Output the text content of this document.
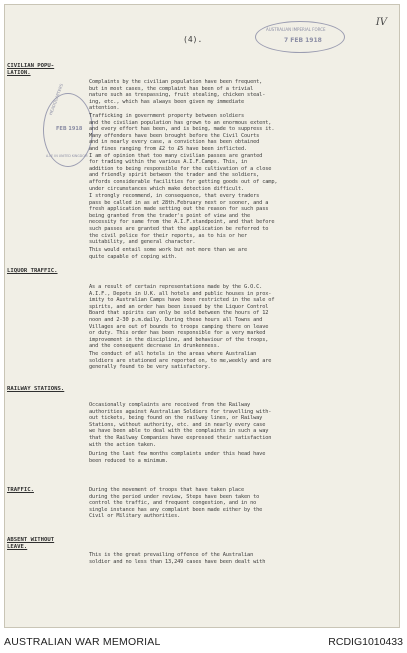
(4).
IV
AUSTRALIAN IMPERIAL FORCE
7 FEB 1918
HEADQUARTERS
FEB 1918
A.I.F. IN UNITED KINGDOM
CIVILIAN POPU-
LATION.
Complaints by the civilian population have been frequent,
but in most cases, the complaint has been of a trivial
nature such as trespassing, fruit stealing, chicken steal-
ing, etc., which has always been given my immediate
attention.
Trafficking in government property between soldiers
and the civilian population has grown to an enormous extent,
and every effort has been, and is being, made to suppress it.
Many offenders have been brought before the Civil Courts
and in nearly every case, a conviction has been obtained
and fines ranging from £2 to £5 have been inflicted.
I am of opinion that too many civilian passes are granted
for trading within the various A.I.F.Camps. This, in
addition to being responsible for the cultivation of a close
and friendly spirit between the trader and the soldiers,
affords considerable facilities for getting goods out of camp,
under circumstances which make detection difficult.
I strongly recommend, in consequence, that every traders
pass be called in as at 28th.February next or sooner, and a
fresh application made setting out the reason for such pass
being granted from the trader's point of view and the
necessity for same from the A.I.F.standpoint, and that before
such passes are granted that the application be referred to
the civil police for their reports, as to his or her
suitability, and general character.
This would entail some work but not more than we are
quite capable of coping with.
LIQUOR TRAFFIC.
As a result of certain representations made by the G.O.C.
A.I.F., Depots in U.K. all hotels and public houses in prox-
imity to Australian Camps have been restricted in the sale of
spirits, and an order has been issued by the Liquor Control
Board that spirits can only be sold between the hours of 12
noon and 2-30 p.m.daily. During these hours all Towns and
Villages are out of bounds to troops camping there on leave
or duty. This order has been responsible for a very marked
improvement in the discipline, and behaviour of the troops,
and the consequent decrease in drunkenness.
The conduct of all hotels in the areas where Australian
soldiers are stationed are reported on, to me,weekly and are
generally found to be very satisfactory.
RAILWAY STATIONS.
Occasionally complaints are received from the Railway
authorities against Australian Soldiers for travelling with-
out tickets, being found on the railway lines, or Railway
Stations, without authority, etc. and in nearly every case
we have been able to deal with the complaints in such a way
that the Railway Companies have expressed their satisfaction
with the action taken.
During the last few months complaints under this head have
been reduced to a minimum.
TRAFFIC.	During the movement of troops that have taken place
during the period under review, Steps have been taken to
control the traffic, and frequent congestion, and in no
single instance has any complaint been made either by the
Civil or Military authorities.
ABSENT WITHOUT
LEAVE.
This is the great prevailing offence of the Australian
soldier and no less than 13,249 cases have been dealt with
AUSTRALIAN WAR MEMORIAL	RCDIG1010433
